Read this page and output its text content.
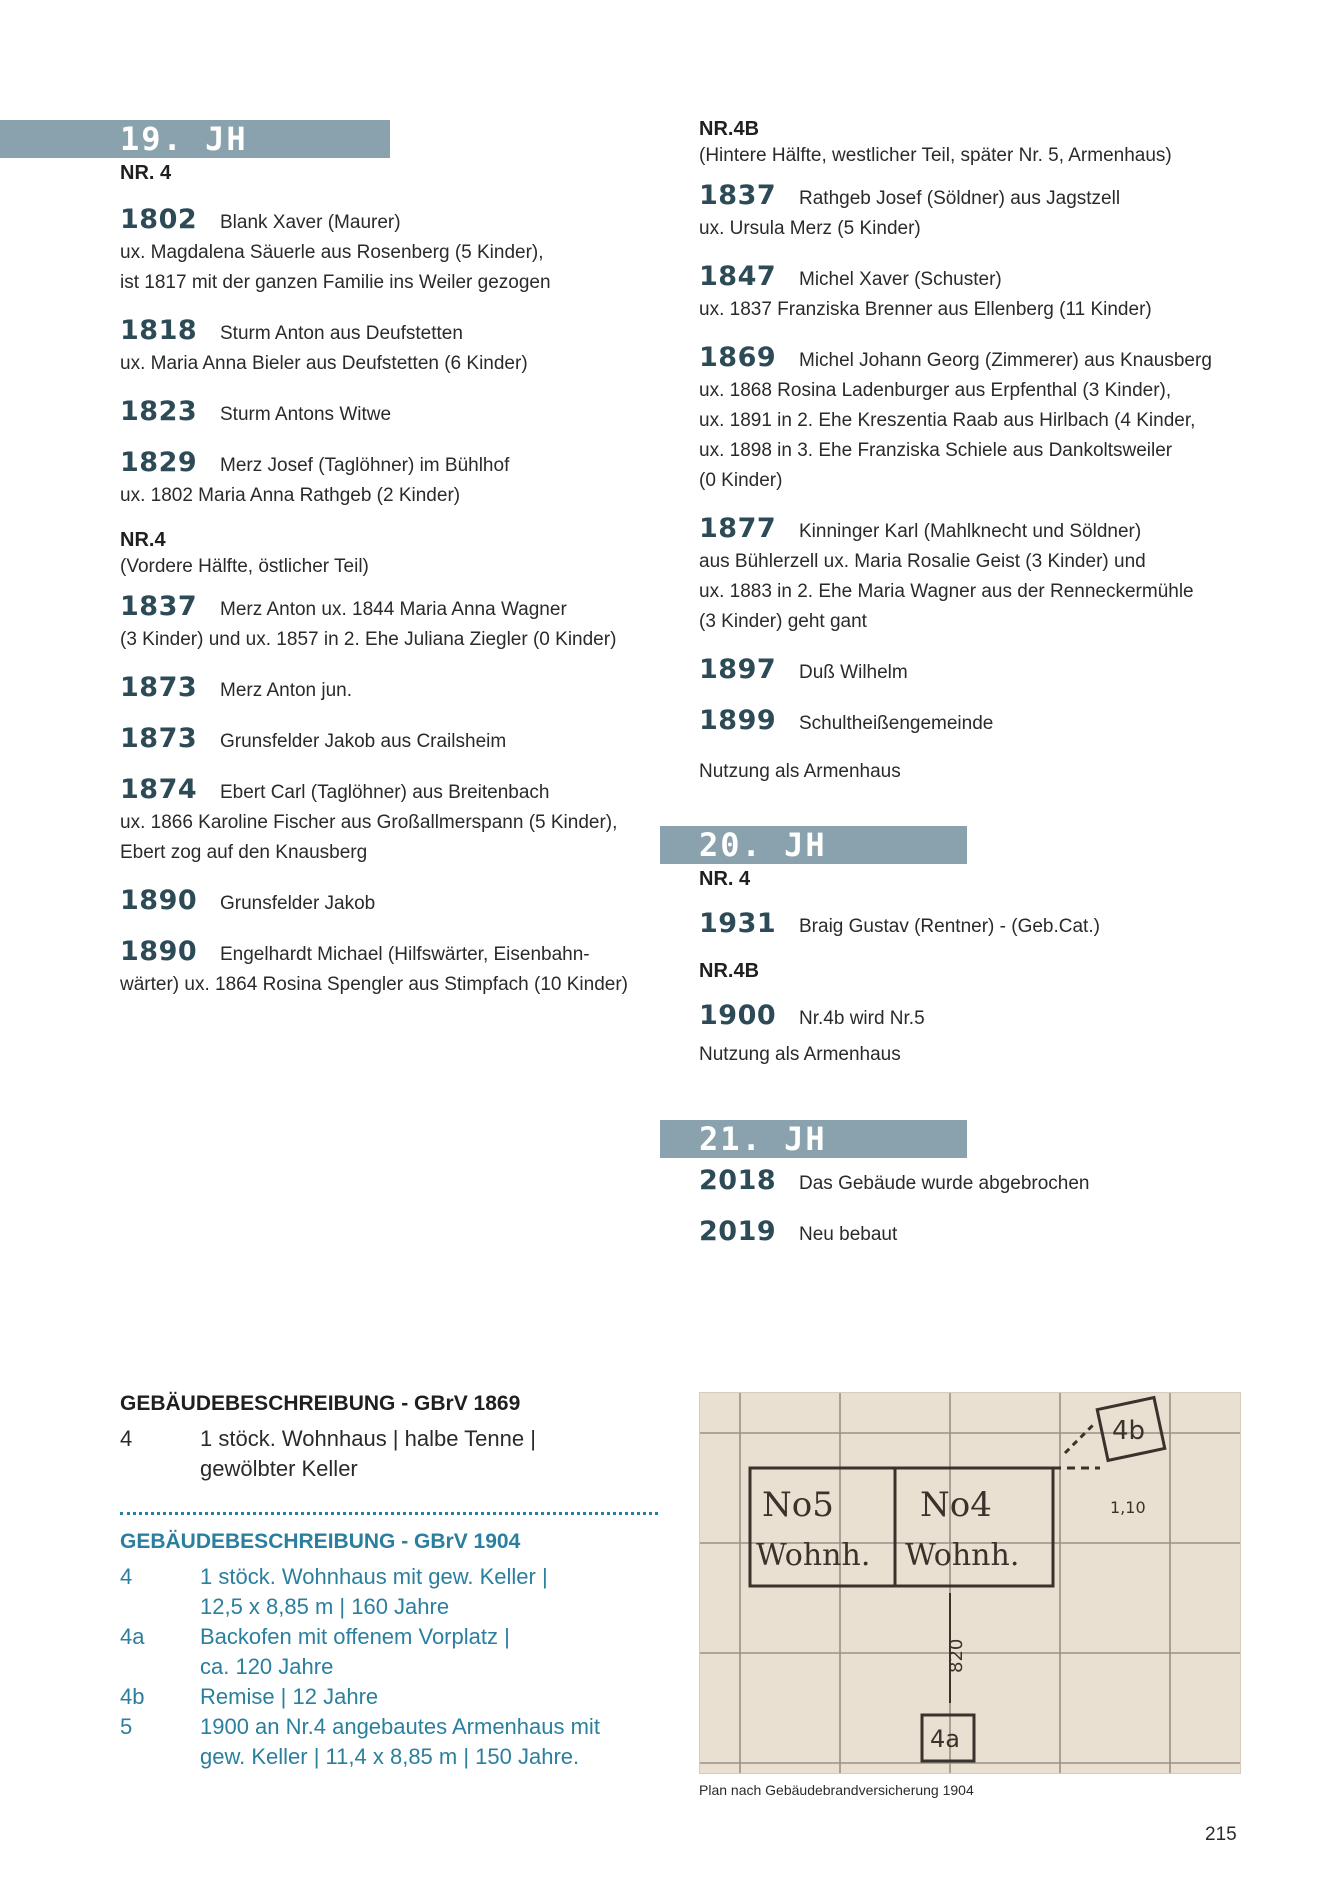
19. JH
NR. 4
1802 Blank Xaver (Maurer)
ux. Magdalena Säuerle aus Rosenberg (5 Kinder),
ist 1817 mit der ganzen Familie ins Weiler gezogen
1818 Sturm Anton aus Deufstetten
ux. Maria Anna Bieler aus Deufstetten (6 Kinder)
1823 Sturm Antons Witwe
1829 Merz Josef (Taglöhner) im Bühlhof
ux. 1802 Maria Anna Rathgeb (2 Kinder)
NR.4
(Vordere Hälfte, östlicher Teil)
1837 Merz Anton ux. 1844 Maria Anna Wagner
(3 Kinder) und ux. 1857 in 2. Ehe Juliana Ziegler (0 Kinder)
1873 Merz Anton jun.
1873 Grunsfelder Jakob aus Crailsheim
1874 Ebert Carl (Taglöhner) aus Breitenbach
ux. 1866 Karoline Fischer aus Großallmerspann (5 Kinder),
Ebert zog auf den Knausberg
1890 Grunsfelder Jakob
1890 Engelhardt Michael (Hilfswärter, Eisenbahn-
wärter) ux. 1864 Rosina Spengler aus Stimpfach (10 Kinder)
NR.4B
(Hintere Hälfte, westlicher Teil, später Nr. 5, Armenhaus)
1837 Rathgeb Josef (Söldner) aus Jagstzell
ux. Ursula Merz (5 Kinder)
1847 Michel Xaver (Schuster)
ux. 1837 Franziska Brenner aus Ellenberg (11 Kinder)
1869 Michel Johann Georg (Zimmerer) aus Knausberg
ux. 1868 Rosina Ladenburger aus Erpfenthal (3 Kinder),
ux. 1891 in 2. Ehe Kreszentia Raab aus Hirlbach (4 Kinder,
ux. 1898 in 3. Ehe Franziska Schiele aus Dankoltsweiler
(0 Kinder)
1877 Kinninger Karl (Mahlknecht und Söldner)
aus Bühlerzell ux. Maria Rosalie Geist (3 Kinder) und
ux. 1883 in 2. Ehe Maria Wagner aus der Renneckermühle
(3 Kinder) geht gant
1897 Duß Wilhelm
1899 Schultheißengemeinde
Nutzung als Armenhaus
20. JH
NR. 4
1931 Braig Gustav (Rentner) - (Geb.Cat.)
NR.4B
1900 Nr.4b wird Nr.5
Nutzung als Armenhaus
21. JH
2018 Das Gebäude wurde abgebrochen
2019 Neu bebaut
GEBÄUDEBESCHREIBUNG - GBrV 1869
4	1 stöck. Wohnhaus | halbe Tenne |
gewölbter Keller
GEBÄUDEBESCHREIBUNG - GBrV 1904
4	1 stöck. Wohnhaus mit gew. Keller |
12,5 x 8,85 m | 160 Jahre
4a	Backofen mit offenem Vorplatz |
ca. 120 Jahre
4b	Remise | 12 Jahre
5	1900 an Nr.4 angebautes Armenhaus mit
gew. Keller | 11,4 x 8,85 m | 150 Jahre.
4b
4a
No5
Wohnh.
No4
Wohnh.
820
1,10
Plan nach Gebäudebrandversicherung 1904
215
